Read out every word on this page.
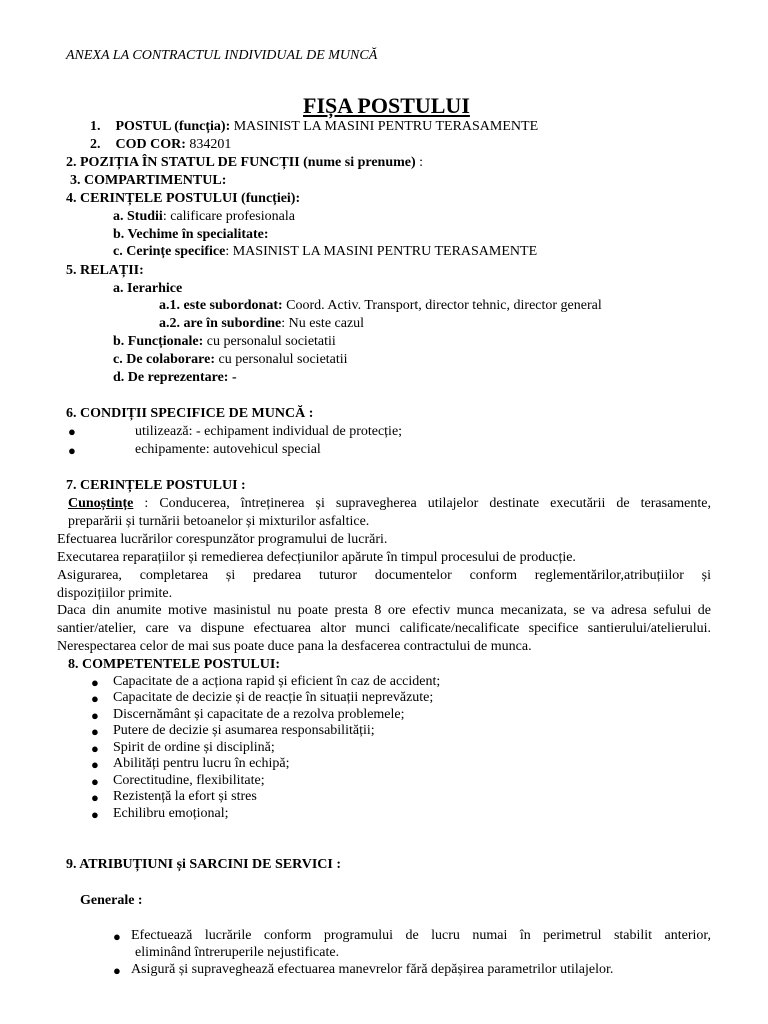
ANEXA LA CONTRACTUL INDIVIDUAL DE MUNCĂ
FIȘA POSTULUI
1. POSTUL (funcția): MASINIST LA MASINI PENTRU TERASAMENTE
2. COD COR: 834201
2. POZIȚIA ÎN STATUL DE FUNCȚII (nume si prenume) :
3. COMPARTIMENTUL:
4. CERINȚELE POSTULUI (funcției):
a. Studii: calificare profesionala
b. Vechime în specialitate:
c. Cerințe specifice: MASINIST LA MASINI PENTRU TERASAMENTE
5. RELAȚII:
a. Ierarhice
a.1. este subordonat: Coord. Activ. Transport, director tehnic, director general
a.2. are în subordine: Nu este cazul
b. Funcționale: cu personalul societatii
c. De colaborare: cu personalul societatii
d. De reprezentare: -
6. CONDIȚII SPECIFICE DE MUNCĂ :
●	utilizează: - echipament individual de protecție;
●	echipamente: autovehicul special
7. CERINȚELE POSTULUI :
Cunoștințe : Conducerea, întreținerea și supravegherea utilajelor destinate executării de terasamente,
preparării și turnării betoanelor și mixturilor asfaltice.
Efectuarea lucrărilor corespunzător programului de lucrări.
Executarea reparațiilor și remedierea defecțiunilor apărute în timpul procesului de producție.
Asigurarea, completarea și predarea tuturor documentelor conform reglementărilor,atribuțiilor și
dispozițiilor primite.
Daca din anumite motive masinistul nu poate presta 8 ore efectiv munca mecanizata, se va adresa sefului de
santier/atelier, care va dispune efectuarea altor munci calificate/necalificate specifice santierului/atelierului.
Nerespectarea celor de mai sus poate duce pana la desfacerea contractului de munca.
8. COMPETENTELE POSTULUI:
● Capacitate de a acționa rapid și eficient în caz de accident;
● Capacitate de decizie și de reacție în situații neprevăzute;
● Discernământ și capacitate de a rezolva problemele;
● Putere de decizie și asumarea responsabilității;
● Spirit de ordine și disciplină;
● Abilități pentru lucru în echipă;
● Corectitudine, flexibilitate;
● Rezistență la efort și stres
● Echilibru emoțional;
9. ATRIBUȚIUNI și SARCINI DE SERVICI :
Generale :
● Efectuează lucrările conform programului de lucru numai în perimetrul stabilit anterior,
eliminând întreruperile nejustificate.
● Asigură și supraveghează efectuarea manevrelor fără depășirea parametrilor utilajelor.
